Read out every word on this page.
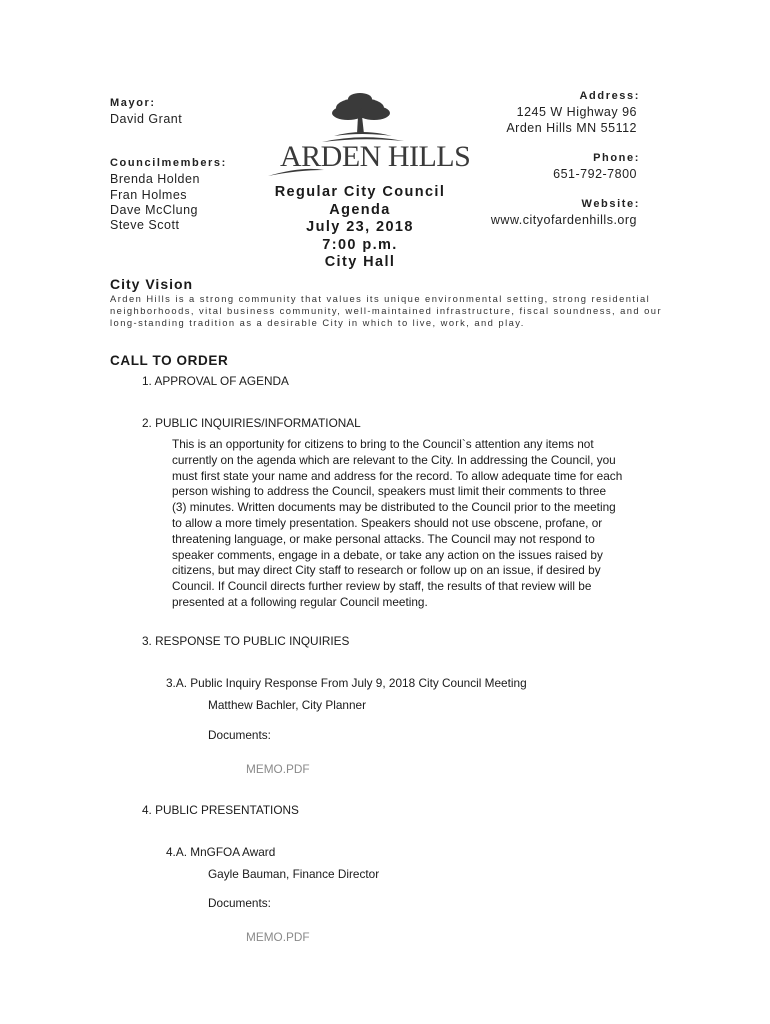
Mayor:
David Grant
Councilmembers:
Brenda Holden
Fran Holmes
Dave McClung
Steve Scott
ARDEN HILLS
Regular City Council
Agenda
July 23, 2018
7:00 p.m.
City Hall
Address:
1245 W Highway 96
Arden Hills MN 55112
Phone:
651-792-7800
Website:
www.cityofardenhills.org
City Vision
Arden Hills is a strong community that values its unique environmental setting, strong residential
neighborhoods, vital business community, well-maintained infrastructure, fiscal soundness, and our
long-standing tradition as a desirable City in which to live, work, and play.
CALL TO ORDER
1. APPROVAL OF AGENDA
2. PUBLIC INQUIRIES/INFORMATIONAL
This is an opportunity for citizens to bring to the Council`s attention any items not
currently on the agenda which are relevant to the City. In addressing the Council, you
must first state your name and address for the record. To allow adequate time for each
person wishing to address the Council, speakers must limit their comments to three
(3) minutes. Written documents may be distributed to the Council prior to the meeting
to allow a more timely presentation. Speakers should not use obscene, profane, or
threatening language, or make personal attacks. The Council may not respond to
speaker comments, engage in a debate, or take any action on the issues raised by
citizens, but may direct City staff to research or follow up on an issue, if desired by
Council. If Council directs further review by staff, the results of that review will be
presented at a following regular Council meeting.
3. RESPONSE TO PUBLIC INQUIRIES
3.A. Public Inquiry Response From July 9, 2018 City Council Meeting
Matthew Bachler, City Planner
Documents:
MEMO.PDF
4. PUBLIC PRESENTATIONS
4.A. MnGFOA Award
Gayle Bauman, Finance Director
Documents:
MEMO.PDF
